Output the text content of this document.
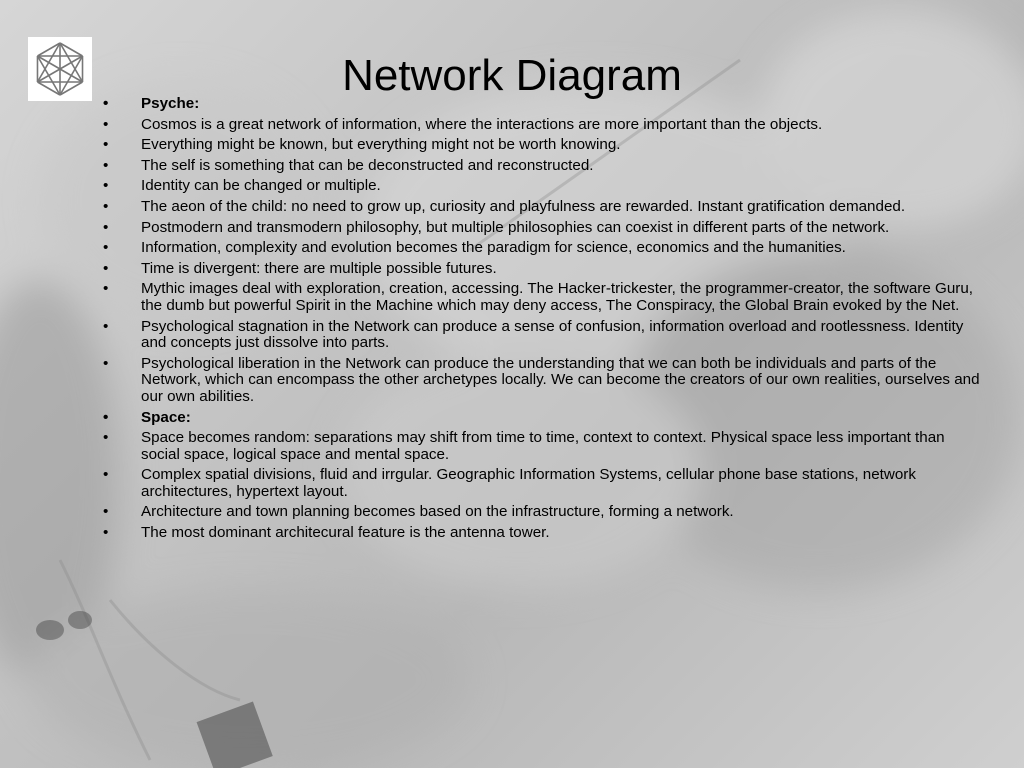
Network Diagram
• Psyche:
• Cosmos is a great network of information, where the interactions are more important than the objects.
• Everything might be known, but everything might not be worth knowing.
• The self is something that can be deconstructed and reconstructed.
• Identity can be changed or multiple.
• The aeon of the child: no need to grow up, curiosity and playfulness are rewarded. Instant gratification demanded.
• Postmodern and transmodern philosophy, but multiple philosophies can coexist in different parts of the network.
• Information, complexity and evolution becomes the paradigm for science, economics and the humanities.
• Time is divergent: there are multiple possible futures.
• Mythic images deal with exploration, creation, accessing. The Hacker-trickester, the programmer-creator, the software Guru, the dumb but powerful Spirit in the Machine which may deny access, The Conspiracy, the Global Brain evoked by the Net.
• Psychological stagnation in the Network can produce a sense of confusion, information overload and rootlessness. Identity and concepts just dissolve into parts.
• Psychological liberation in the Network can produce the understanding that we can both be individuals and parts of the Network, which can encompass the other archetypes locally. We can become the creators of our own realities, ourselves and our own abilities.
• Space:
• Space becomes random: separations may shift from time to time, context to context. Physical space less important than social space, logical space and mental space.
• Complex spatial divisions, fluid and irrgular. Geographic Information Systems, cellular phone base stations, network architectures, hypertext layout.
• Architecture and town planning becomes based on the infrastructure, forming a network.
• The most dominant architecural feature is the antenna tower.
